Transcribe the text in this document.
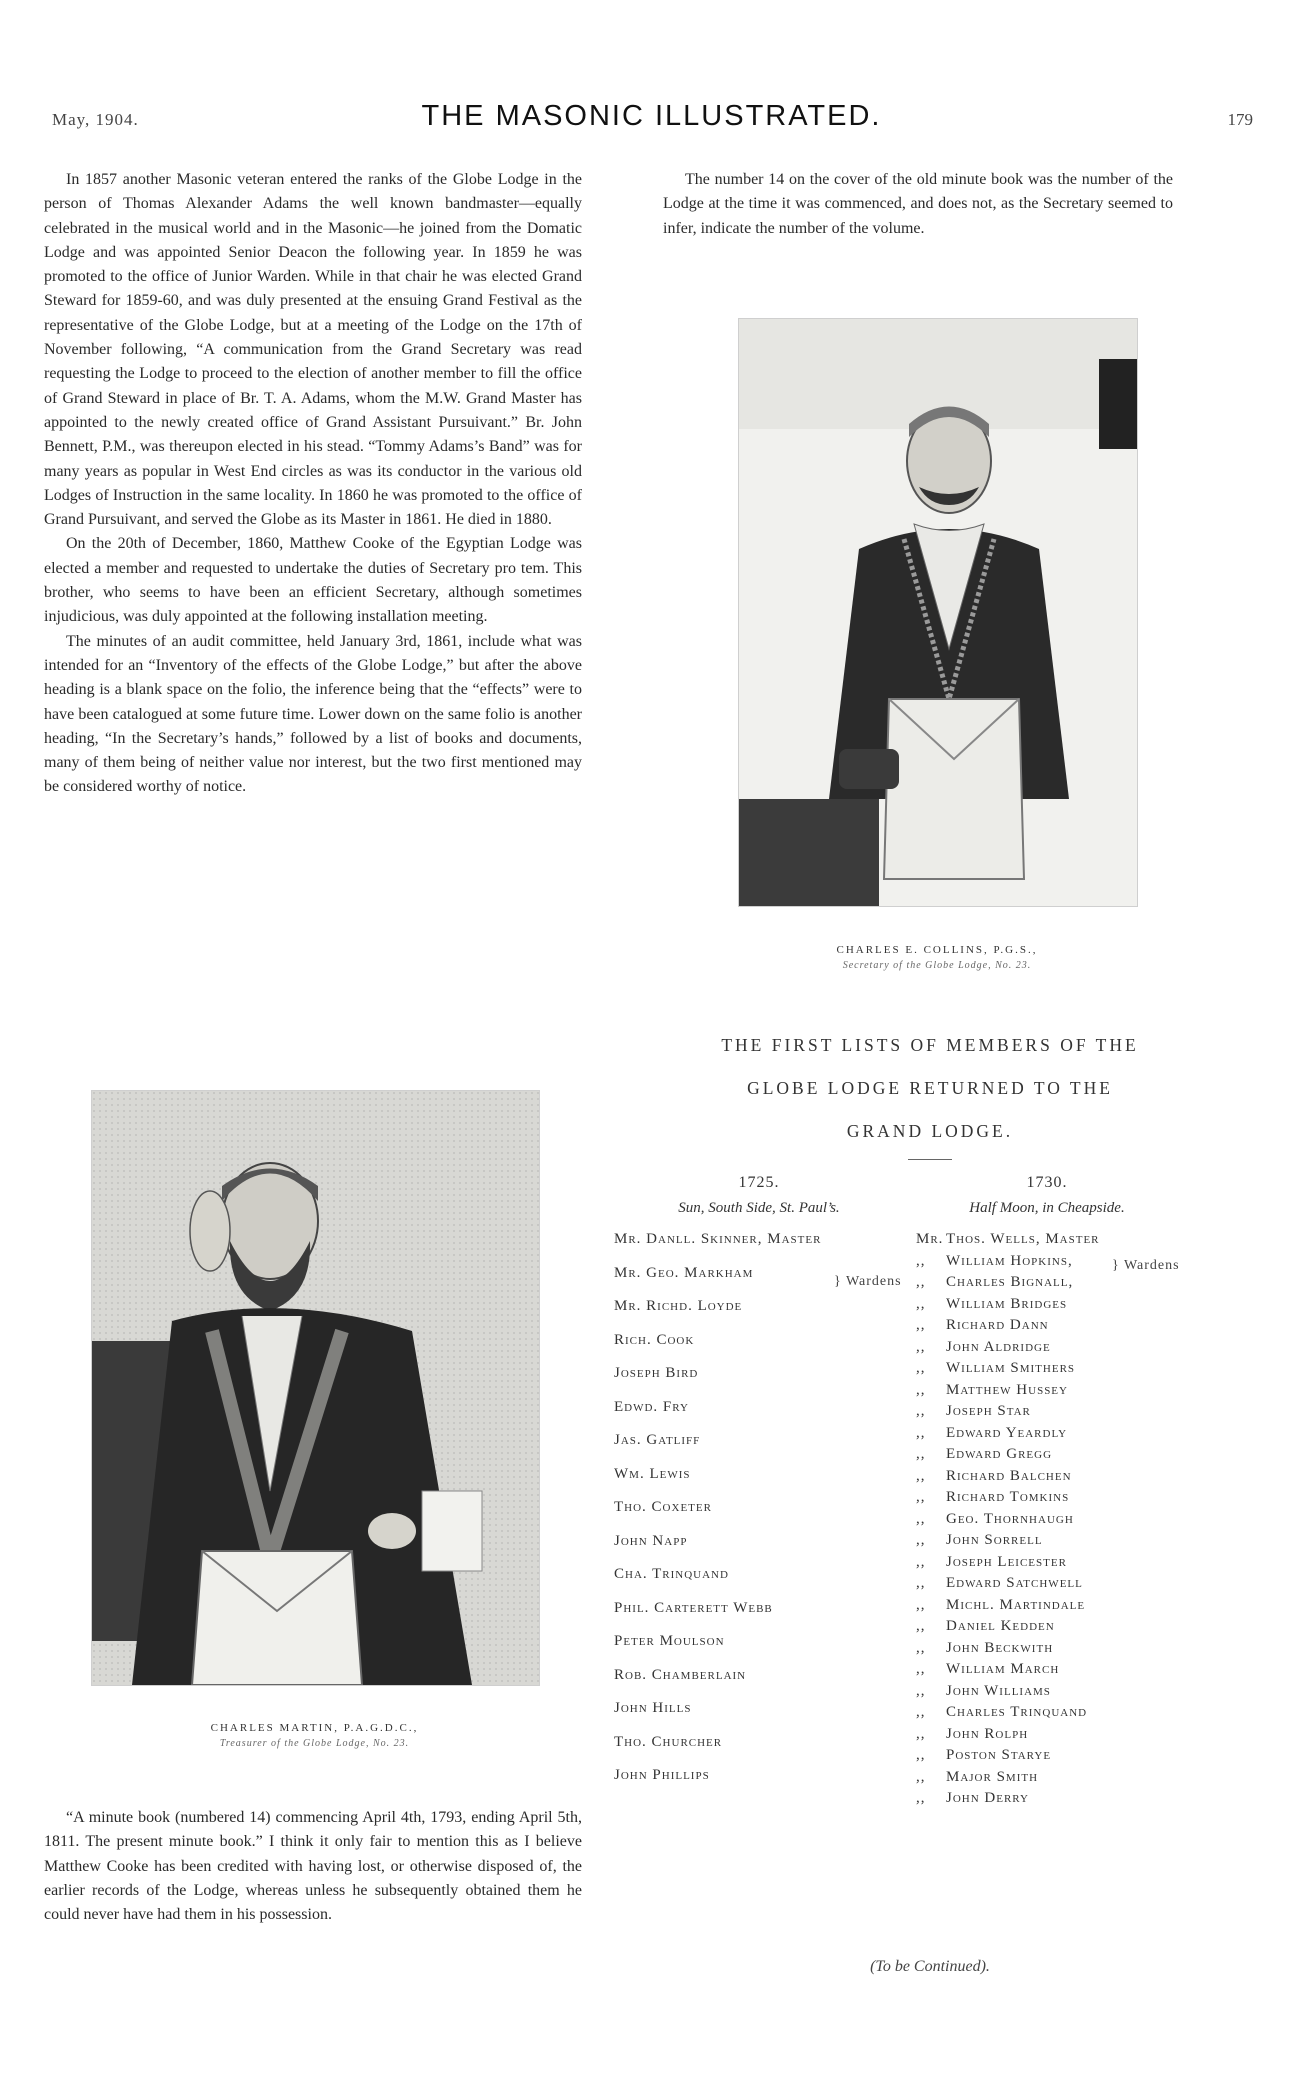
May, 1904.	THE MASONIC ILLUSTRATED.	179

In 1857 another Masonic veteran entered the ranks of the Globe Lodge in the person of Thomas Alexander Adams the well known bandmaster—equally celebrated in the musical world and in the Masonic—he joined from the Domatic Lodge and was appointed Senior Deacon the following year. In 1859 he was promoted to the office of Junior Warden. While in that chair he was elected Grand Steward for 1859-60, and was duly presented at the ensuing Grand Festival as the representative of the Globe Lodge, but at a meeting of the Lodge on the 17th of November following, “A communication from the Grand Secretary was read requesting the Lodge to proceed to the election of another member to fill the office of Grand Steward in place of Br. T. A. Adams, whom the M.W. Grand Master has appointed to the newly created office of Grand Assistant Pursuivant.” Br. John Bennett, P.M., was thereupon elected in his stead. “Tommy Adams’s Band” was for many years as popular in West End circles as was its conductor in the various old Lodges of Instruction in the same locality. In 1860 he was promoted to the office of Grand Pursuivant, and served the Globe as its Master in 1861. He died in 1880.

On the 20th of December, 1860, Matthew Cooke of the Egyptian Lodge was elected a member and requested to undertake the duties of Secretary pro tem. This brother, who seems to have been an efficient Secretary, although sometimes injudicious, was duly appointed at the following installation meeting.

The minutes of an audit committee, held January 3rd, 1861, include what was intended for an “Inventory of the effects of the Globe Lodge,” but after the above heading is a blank space on the folio, the inference being that the “effects” were to have been catalogued at some future time. Lower down on the same folio is another heading, “In the Secretary’s hands,” followed by a list of books and documents, many of them being of neither value nor interest, but the two first mentioned may be considered worthy of notice.

The number 14 on the cover of the old minute book was the number of the Lodge at the time it was commenced, and does not, as the Secretary seemed to infer, indicate the number of the volume.

CHARLES E. COLLINS, P.G.S.,
Secretary of the Globe Lodge, No. 23.
CHARLES MARTIN, P.A.G.D.C.,
Treasurer of the Globe Lodge, No. 23.

“A minute book (numbered 14) commencing April 4th, 1793, ending April 5th, 1811. The present minute book.” I think it only fair to mention this as I believe Matthew Cooke has been credited with having lost, or otherwise disposed of, the earlier records of the Lodge, whereas unless he subsequently obtained them he could never have had them in his possession.

THE FIRST LISTS OF MEMBERS OF THE
GLOBE LODGE RETURNED TO THE
GRAND LODGE.
1725.
Sun, South Side, St. Paul’s.
Mr. Danll. Skinner, Master
Mr. Geo. Markham
} Wardens
Mr. Richd. Loyde
Rich. Cook
Joseph Bird
Edwd. Fry
Jas. Gatliff
Wm. Lewis
Tho. Coxeter
John Napp
Cha. Trinquand
Phil. Carterett Webb
Peter Moulson
Rob. Chamberlain
John Hills
Tho. Churcher
John Phillips
1730.
Half Moon, in Cheapside.
Mr. Thos. Wells, Master
,, William Hopkins,	} Wardens
,, Charles Bignall,
,, William Bridges
,, Richard Dann
,, John Aldridge
,, William Smithers
,, Matthew Hussey
,, Joseph Star
,, Edward Yeardly
,, Edward Gregg
,, Richard Balchen
,, Richard Tomkins
,, Geo. Thornhaugh
,, John Sorrell
,, Joseph Leicester
,, Edward Satchwell
,, Michl. Martindale
,, Daniel Kedden
,, John Beckwith
,, William March
,, John Williams
,, Charles Trinquand
,, John Rolph
,, Poston Starye
,, Major Smith
,, John Derry
(To be Continued).
